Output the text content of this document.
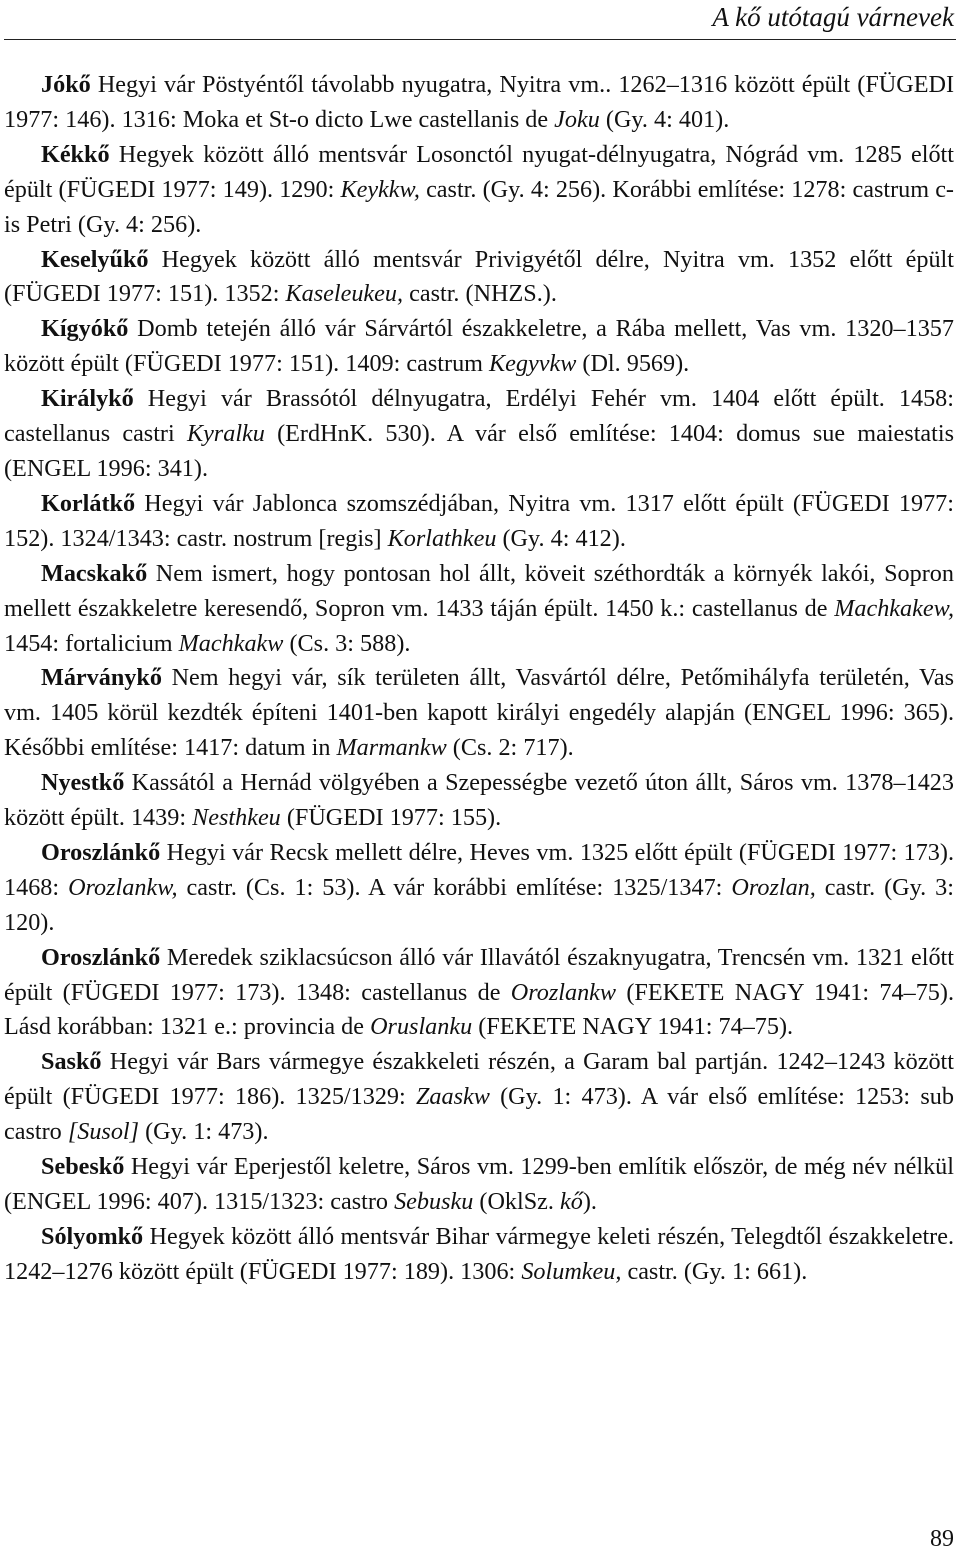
A kő utótagú várnevek

Jókő Hegyi vár Pöstyéntől távolabb nyugatra, Nyitra vm.. 1262–1316 között épült (FÜGEDI 1977: 146). 1316: Moka et St-o dicto Lwe castellanis de Joku (Gy. 4: 401).

Kékkő Hegyek között álló mentsvár Losonctól nyugat-délnyugatra, Nógrád vm. 1285 előtt épült (FÜGEDI 1977: 149). 1290: Keykkw, castr. (Gy. 4: 256). Korábbi említése: 1278: castrum c-is Petri (Gy. 4: 256).

Keselyűkő Hegyek között álló mentsvár Privigyétől délre, Nyitra vm. 1352 előtt épült (FÜGEDI 1977: 151). 1352: Kaseleukeu, castr. (NHZS.).

Kígyókő Domb tetején álló vár Sárvártól északkeletre, a Rába mellett, Vas vm. 1320–1357 között épült (FÜGEDI 1977: 151). 1409: castrum Kegyvkw (Dl. 9569).

Királykő Hegyi vár Brassótól délnyugatra, Erdélyi Fehér vm. 1404 előtt épült. 1458: castellanus castri Kyralku (ErdHnK. 530). A vár első említése: 1404: domus sue maiestatis (ENGEL 1996: 341).

Korlátkő Hegyi vár Jablonca szomszédjában, Nyitra vm. 1317 előtt épült (FÜGEDI 1977: 152). 1324/1343: castr. nostrum [regis] Korlathkeu (Gy. 4: 412).

Macskakő Nem ismert, hogy pontosan hol állt, köveit széthordták a környék lakói, Sopron mellett északkeletre keresendő, Sopron vm. 1433 táján épült. 1450 k.: castellanus de Machkakew, 1454: fortalicium Machkakw (Cs. 3: 588).

Márványkő Nem hegyi vár, sík területen állt, Vasvártól délre, Petőmihályfa területén, Vas vm. 1405 körül kezdték építeni 1401-ben kapott királyi engedély alapján (ENGEL 1996: 365). Későbbi említése: 1417: datum in Marmankw (Cs. 2: 717).

Nyestkő Kassától a Hernád völgyében a Szepességbe vezető úton állt, Sáros vm. 1378–1423 között épült. 1439: Nesthkeu (FÜGEDI 1977: 155).

Oroszlánkő Hegyi vár Recsk mellett délre, Heves vm. 1325 előtt épült (FÜGEDI 1977: 173). 1468: Orozlankw, castr. (Cs. 1: 53). A vár korábbi említése: 1325/1347: Orozlan, castr. (Gy. 3: 120).

Oroszlánkő Meredek sziklacsúcson álló vár Illavától északnyugatra, Trencsén vm. 1321 előtt épült (FÜGEDI 1977: 173). 1348: castellanus de Orozlankw (FEKETE NAGY 1941: 74–75). Lásd korábban: 1321 e.: provincia de Oruslanku (FEKETE NAGY 1941: 74–75).

Saskő Hegyi vár Bars vármegye északkeleti részén, a Garam bal partján. 1242–1243 között épült (FÜGEDI 1977: 186). 1325/1329: Zaaskw (Gy. 1: 473). A vár első említése: 1253: sub castro [Susol] (Gy. 1: 473).

Sebeskő Hegyi vár Eperjestől keletre, Sáros vm. 1299-ben említik először, de még név nélkül (ENGEL 1996: 407). 1315/1323: castro Sebusku (OklSz. kő).

Sólyomkő Hegyek között álló mentsvár Bihar vármegye keleti részén, Telegdtől északkeletre. 1242–1276 között épült (FÜGEDI 1977: 189). 1306: Solumkeu, castr. (Gy. 1: 661).

89
